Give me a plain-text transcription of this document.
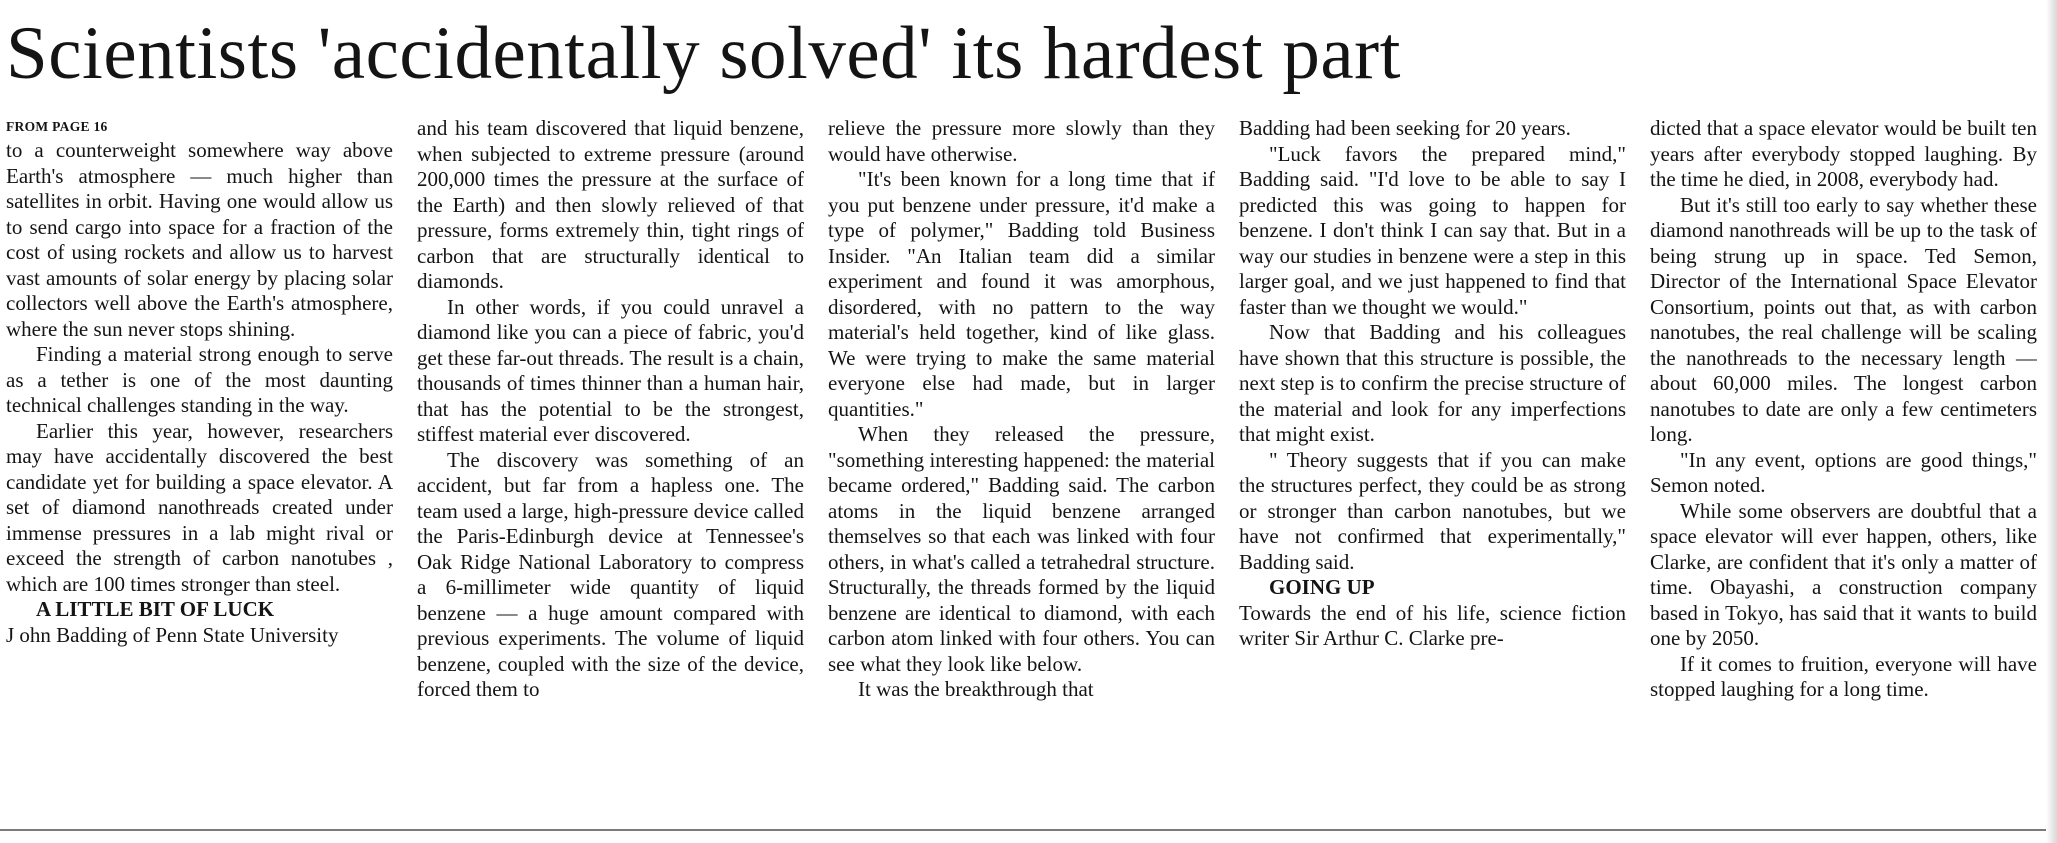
Scientists 'accidentally solved' its hardest part
FROM PAGE 16

to a counterweight somewhere way above Earth's atmosphere — much higher than satellites in orbit. Having one would allow us to send cargo into space for a fraction of the cost of using rockets and allow us to harvest vast amounts of solar energy by placing solar collectors well above the Earth's atmosphere, where the sun never stops shining.

Finding a material strong enough to serve as a tether is one of the most daunting technical challenges standing in the way.

Earlier this year, however, researchers may have accidentally discovered the best candidate yet for building a space elevator. A set of diamond nanothreads created under immense pressures in a lab might rival or exceed the strength of carbon nanotubes , which are 100 times stronger than steel.

A LITTLE BIT OF LUCK

J ohn Badding of Penn State University

and his team discovered that liquid benzene, when subjected to extreme pressure (around 200,000 times the pressure at the surface of the Earth) and then slowly relieved of that pressure, forms extremely thin, tight rings of carbon that are structurally identical to diamonds.

In other words, if you could unravel a diamond like you can a piece of fabric, you'd get these far-out threads. The result is a chain, thousands of times thinner than a human hair, that has the potential to be the strongest, stiffest material ever discovered.

The discovery was something of an accident, but far from a hapless one. The team used a large, high-pressure device called the Paris-Edinburgh device at Tennessee's Oak Ridge National Laboratory to compress a 6-millimeter wide quantity of liquid benzene — a huge amount compared with previous experiments. The volume of liquid benzene, coupled with the size of the device, forced them to

relieve the pressure more slowly than they would have otherwise.

"It's been known for a long time that if you put benzene under pressure, it'd make a type of polymer," Badding told Business Insider. "An Italian team did a similar experiment and found it was amorphous, disordered, with no pattern to the way material's held together, kind of like glass. We were trying to make the same material everyone else had made, but in larger quantities."

When they released the pressure, "something interesting happened: the material became ordered," Badding said. The carbon atoms in the liquid benzene arranged themselves so that each was linked with four others, in what's called a tetrahedral structure. Structurally, the threads formed by the liquid benzene are identical to diamond, with each carbon atom linked with four others. You can see what they look like below.

It was the breakthrough that

Badding had been seeking for 20 years.

"Luck favors the prepared mind," Badding said. "I'd love to be able to say I predicted this was going to happen for benzene. I don't think I can say that. But in a way our studies in benzene were a step in this larger goal, and we just happened to find that faster than we thought we would."

Now that Badding and his colleagues have shown that this structure is possible, the next step is to confirm the precise structure of the material and look for any imperfections that might exist.

" Theory suggests that if you can make the structures perfect, they could be as strong or stronger than carbon nanotubes, but we have not confirmed that experimentally," Badding said.

GOING UP

Towards the end of his life, science fiction writer Sir Arthur C. Clarke pre-

dicted that a space elevator would be built ten years after everybody stopped laughing. By the time he died, in 2008, everybody had.

But it's still too early to say whether these diamond nanothreads will be up to the task of being strung up in space. Ted Semon, Director of the International Space Elevator Consortium, points out that, as with carbon nanotubes, the real challenge will be scaling the nanothreads to the necessary length — about 60,000 miles. The longest carbon nanotubes to date are only a few centimeters long.

"In any event, options are good things," Semon noted.

While some observers are doubtful that a space elevator will ever happen, others, like Clarke, are confident that it's only a matter of time. Obayashi, a construction company based in Tokyo, has said that it wants to build one by 2050.

If it comes to fruition, everyone will have stopped laughing for a long time.
